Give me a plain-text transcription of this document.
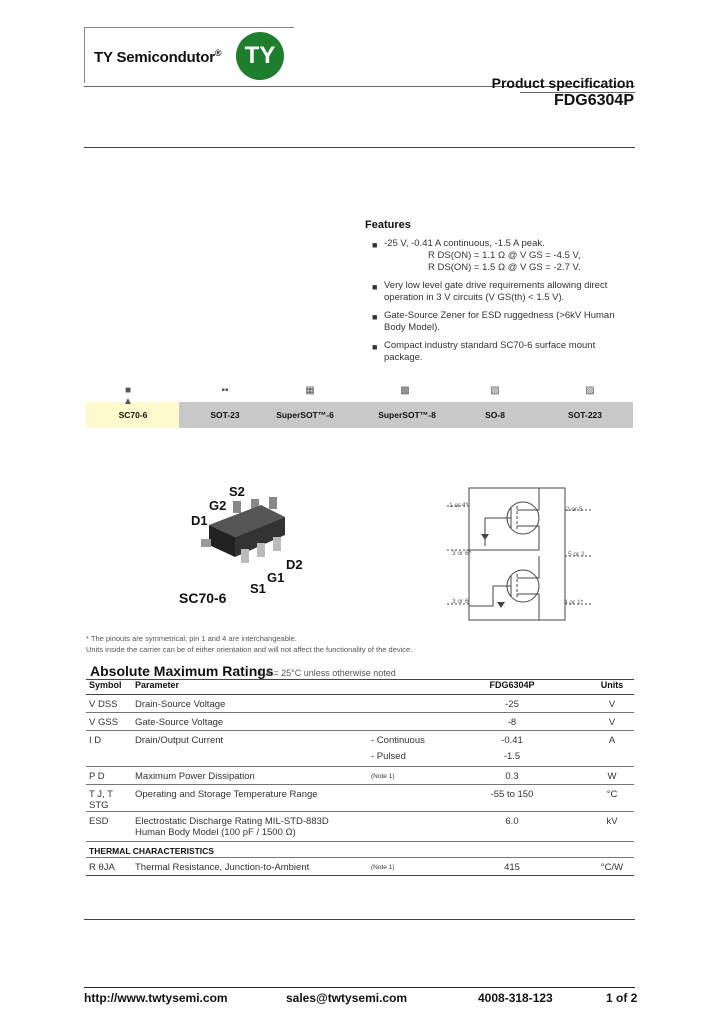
TY Semicondutor® TY
Product specification
FDG6304P
Features
■ -25 V, -0.41 A continuous, -1.5 A peak.
R DS(ON) = 1.1 Ω @ V GS = -4.5 V,
R DS(ON) = 1.5 Ω @ V GS = -2.7 V.
■ Very low level gate drive requirements allowing direct operation in 3 V circuits (V GS(th) < 1.5 V).
■ Gate-Source Zener for ESD ruggedness (>6kV Human Body Model).
■ Compact industry standard SC70-6 surface mount package.
■
▲
▪▪	▦	▩	▧	▨
SC70-6	SOT-23	SuperSOT™-6	SuperSOT™-8	SO-8	SOT-223
S2
G2
D1
D2
G1
S1
SC70-6
1 or 4*
3 or 6*
3 or 6
2 or 5
5 or 2
4 or 1*
* The pinouts are symmetrical; pin 1 and 4 are interchangeable.
Units inside the carrier can be of either orientation and will not affect the functionality of the device.
Absolute Maximum Ratings
T A = 25°C unless otherwise noted
Symbol	Parameter		FDG6304P	Units
V DSS	Drain-Source Voltage		-25	V
V GSS	Gate-Source Voltage		-8	V
I D	Drain/Output Current	- Continuous	-0.41	A
		- Pulsed	-1.5	
P D	Maximum Power Dissipation	(Note 1)	0.3	W
T J, T STG	Operating and Storage Temperature Range		-55 to 150	°C
ESD	Electrostatic Discharge Rating MIL-STD-883D
Human Body Model (100 pF / 1500 Ω)		6.0	kV
THERMAL CHARACTERISTICS				
R θJA	Thermal Resistance, Junction-to-Ambient	(Note 1)	415	°C/W
http://www.twtysemi.com	sales@twtysemi.com	4008-318-123	1 of 2
